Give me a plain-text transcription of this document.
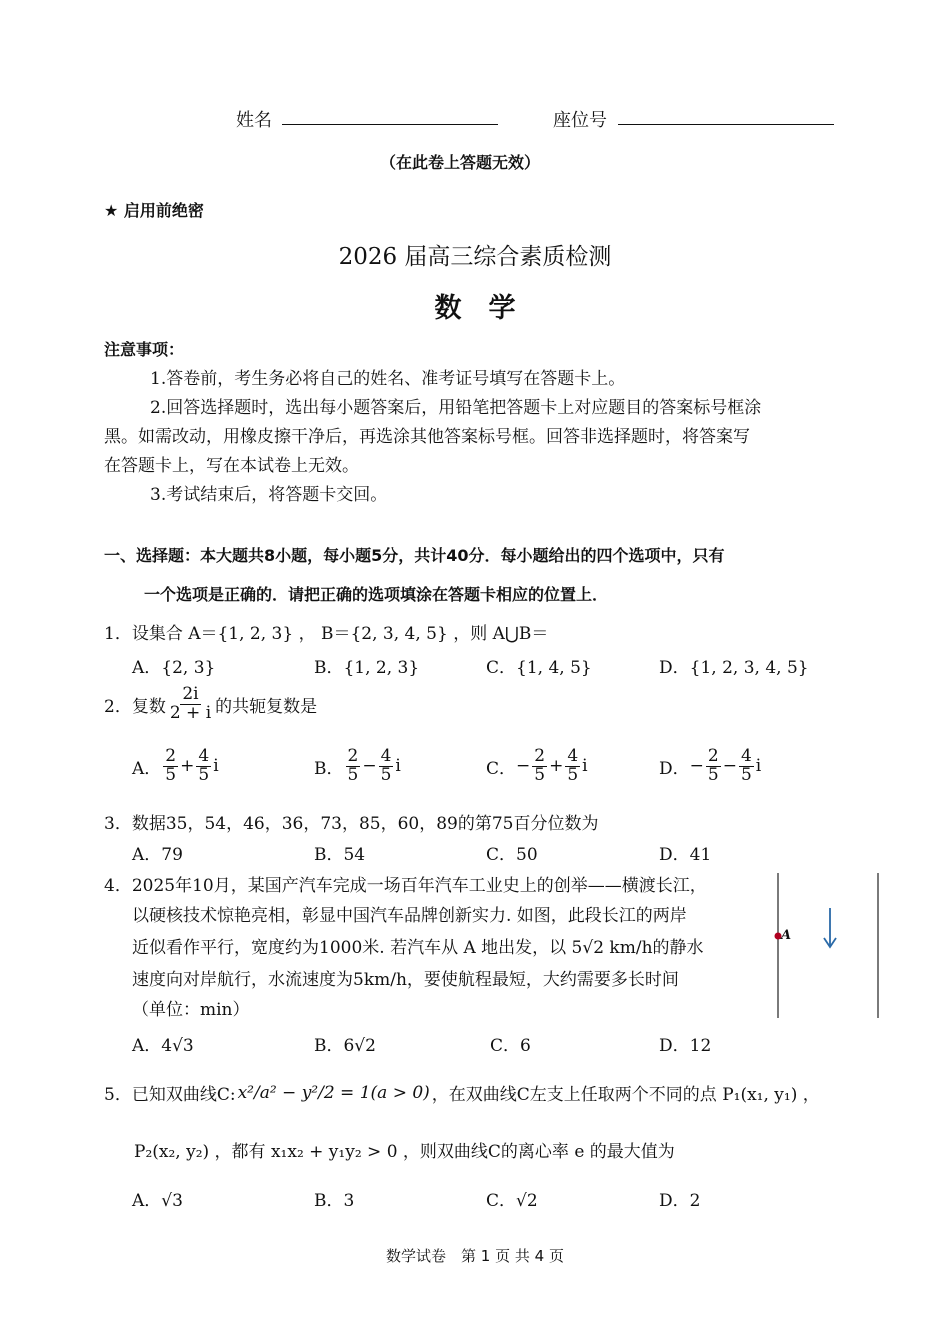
姓名	座位号
（在此卷上答题无效）
★ 启用前绝密
2026 届高三综合素质检测
数　学
注意事项：
1.答卷前，考生务必将自己的姓名、准考证号填写在答题卡上。
2.回答选择题时，选出每小题答案后，用铅笔把答题卡上对应题目的答案标号框涂
黑。如需改动，用橡皮擦干净后，再选涂其他答案标号框。回答非选择题时，将答案写
在答题卡上，写在本试卷上无效。
3.考试结束后，将答题卡交回。
一、选择题：本大题共8小题，每小题5分，共计40分．每小题给出的四个选项中，只有
一个选项是正确的．请把正确的选项填涂在答题卡相应的位置上．
1．设集合 A＝{1, 2, 3} ， B＝{2, 3, 4, 5} ，则 A⋃B＝
A．{2, 3}	B．{1, 2, 3}	C．{1, 4, 5}	D．{1, 2, 3, 4, 5}
2．复数 $\frac{2i}{2 + i}$ 的共轭复数是
A． $\frac{2}{5} + \frac{4}{5}$ i	B． $\frac{2}{5} - \frac{4}{5}$ i	C． − $\frac{2}{5} + \frac{4}{5}$ i	D． − $\frac{2}{5} - \frac{4}{5}$ i
3．数据35，54，46，36，73，85，60，89的第75百分位数为
A．79	B．54	C．50	D．41
4．2025年10月，某国产汽车完成一场百年汽车工业史上的创举——横渡长江，
以硬核技术惊艳亮相，彰显中国汽车品牌创新实力. 如图，此段长江的两岸
近似看作平行，宽度约为1000米. 若汽车从 A 地出发，以 5√2 km/h的静水
速度向对岸航行，水流速度为5km/h，要使航程最短，大约需要多长时间
（单位：min）
A
A．4√3	B．6√2	C．6	D．12
5．已知双曲线C: x²/a² − y²/2 = 1(a > 0) ，在双曲线C左支上任取两个不同的点 P₁(x₁, y₁) ，
P₂(x₂, y₂) ，都有 x₁x₂ + y₁y₂ > 0 ，则双曲线C的离心率 e 的最大值为
A．√3	B．3	C．√2	D．2
数学试卷　第 1 页 共 4 页
